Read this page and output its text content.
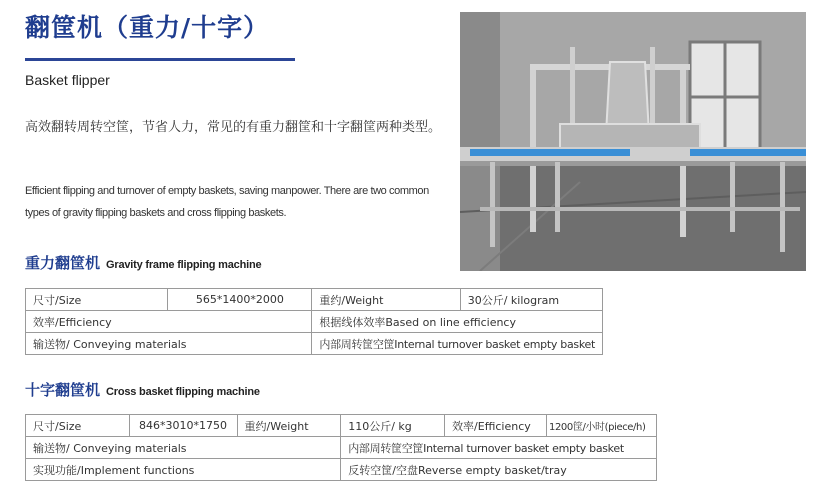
翻筐机（重力/十字）
Basket flipper
高效翻转周转空筐，节省人力，常见的有重力翻筐和十字翻筐两种类型。
Efficient flipping and turnover of empty baskets, saving manpower. There are two common types of gravity flipping baskets and cross flipping baskets.
重力翻筐机 Gravity frame flipping machine
尺寸/Size	565*1400*2000	重约/Weight	30公斤/ kilogram
效率/Efficiency		根据线体效率Based on line efficiency	
输送物/ Conveying materials		内部周转筐空筐Internal turnover basket empty basket	
十字翻筐机 Cross basket flipping machine
尺寸/Size	846*3010*1750	重约/Weight	110公斤/ kg	效率/Efficiency	1200筐/小时(piece/h)
输送物/ Conveying materials			内部周转筐空筐Internal turnover basket empty basket		
实现功能/Implement functions			反转空筐/空盘Reverse empty basket/tray		
